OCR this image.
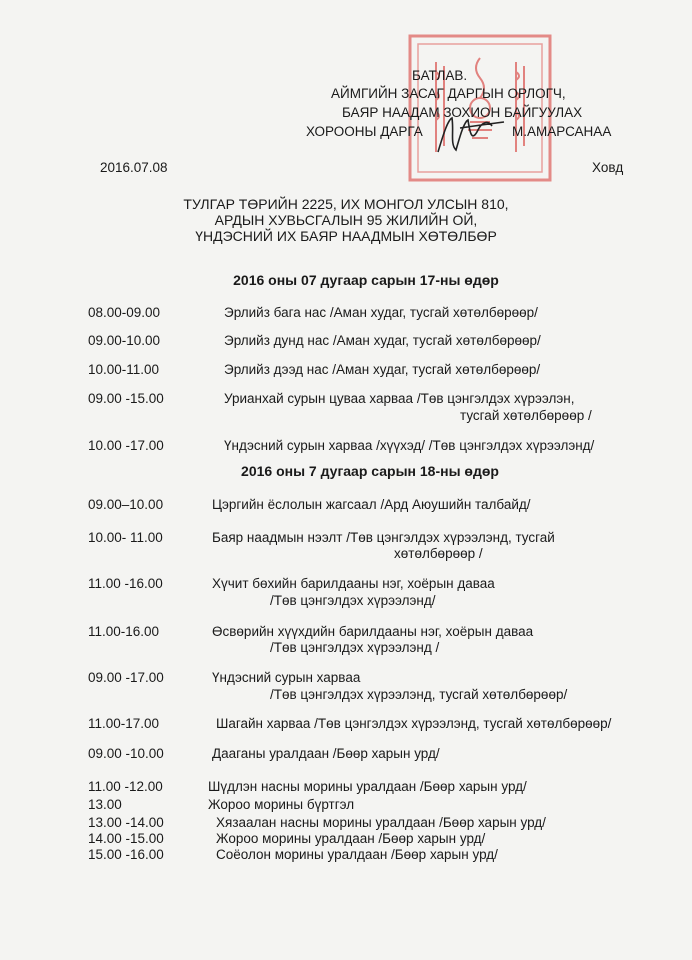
БАТЛАВ.
АЙМГИЙН ЗАСАГ ДАРГЫН ОРЛОГЧ,
БАЯР НААДАМ ЗОХИОН БАЙГУУЛАХ
ХОРООНЫ ДАРГА	М.АМАРСАНАА
2016.07.08	Ховд
ТУЛГАР ТӨРИЙН 2225, ИХ МОНГОЛ УЛСЫН 810,
АРДЫН ХУВЬСГАЛЫН 95 ЖИЛИЙН ОЙ,
ҮНДЭСНИЙ ИХ БАЯР НААДМЫН ХӨТӨЛБӨР
2016 оны 07 дугаар сарын 17-ны өдөр
08.00-09.00	Эрлийз бага нас /Аман худаг, тусгай хөтөлбөрөөр/
09.00-10.00	Эрлийз дунд нас /Аман худаг, тусгай хөтөлбөрөөр/
10.00-11.00	Эрлийз дээд нас /Аман худаг, тусгай хөтөлбөрөөр/
09.00 -15.00	Урианхай сурын цуваа харваа /Төв цэнгэлдэх хүрээлэн,
тусгай хөтөлбөрөөр /
10.00 -17.00	Үндэсний сурын харваа /хүүхэд/ /Төв цэнгэлдэх хүрээлэнд/
2016 оны 7 дугаар сарын 18-ны өдөр
09.00–10.00	Цэргийн ёслолын жагсаал /Ард Аюушийн талбайд/
10.00- 11.00	Баяр наадмын нээлт /Төв цэнгэлдэх хүрээлэнд, тусгай
хөтөлбөрөөр /
11.00 -16.00	Хүчит бөхийн барилдааны нэг, хоёрын даваа
/Төв цэнгэлдэх хүрээлэнд/
11.00-16.00	Өсвөрийн хүүхдийн барилдааны нэг, хоёрын даваа
/Төв цэнгэлдэх хүрээлэнд /
09.00 -17.00	Үндэсний сурын харваа
/Төв цэнгэлдэх хүрээлэнд, тусгай хөтөлбөрөөр/
11.00-17.00	Шагайн харваа /Төв цэнгэлдэх хүрээлэнд, тусгай хөтөлбөрөөр/
09.00 -10.00	Дааганы уралдаан /Бөөр харын урд/
11.00 -12.00	Шүдлэн насны морины уралдаан /Бөөр харын урд/
13.00	Жороо морины бүртгэл
13.00 -14.00	Хязаалан насны морины уралдаан /Бөөр харын урд/
14.00 -15.00	Жороо морины уралдаан /Бөөр харын урд/
15.00 -16.00	Соёолон морины уралдаан /Бөөр харын урд/
